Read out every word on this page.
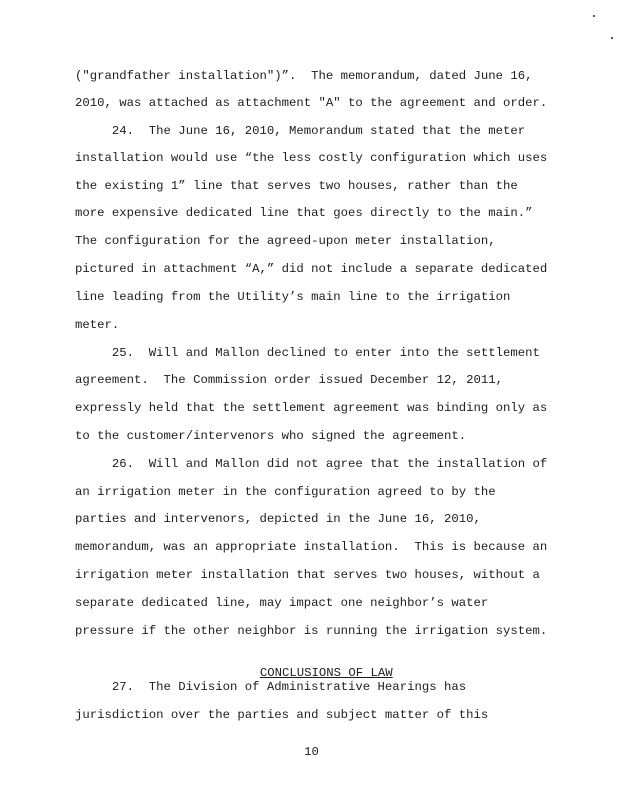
("grandfather installation")”.  The memorandum, dated June 16,
2010, was attached as attachment "A" to the agreement and order.
24.  The June 16, 2010, Memorandum stated that the meter
installation would use “the less costly configuration which uses
the existing 1” line that serves two houses, rather than the
more expensive dedicated line that goes directly to the main.”
The configuration for the agreed-upon meter installation,
pictured in attachment “A,” did not include a separate dedicated
line leading from the Utility’s main line to the irrigation
meter.
25.  Will and Mallon declined to enter into the settlement
agreement.  The Commission order issued December 12, 2011,
expressly held that the settlement agreement was binding only as
to the customer/intervenors who signed the agreement.
26.  Will and Mallon did not agree that the installation of
an irrigation meter in the configuration agreed to by the
parties and intervenors, depicted in the June 16, 2010,
memorandum, was an appropriate installation.  This is because an
irrigation meter installation that serves two houses, without a
separate dedicated line, may impact one neighbor’s water
pressure if the other neighbor is running the irrigation system.

CONCLUSIONS OF LAW

27.  The Division of Administrative Hearings has
jurisdiction over the parties and subject matter of this
10
